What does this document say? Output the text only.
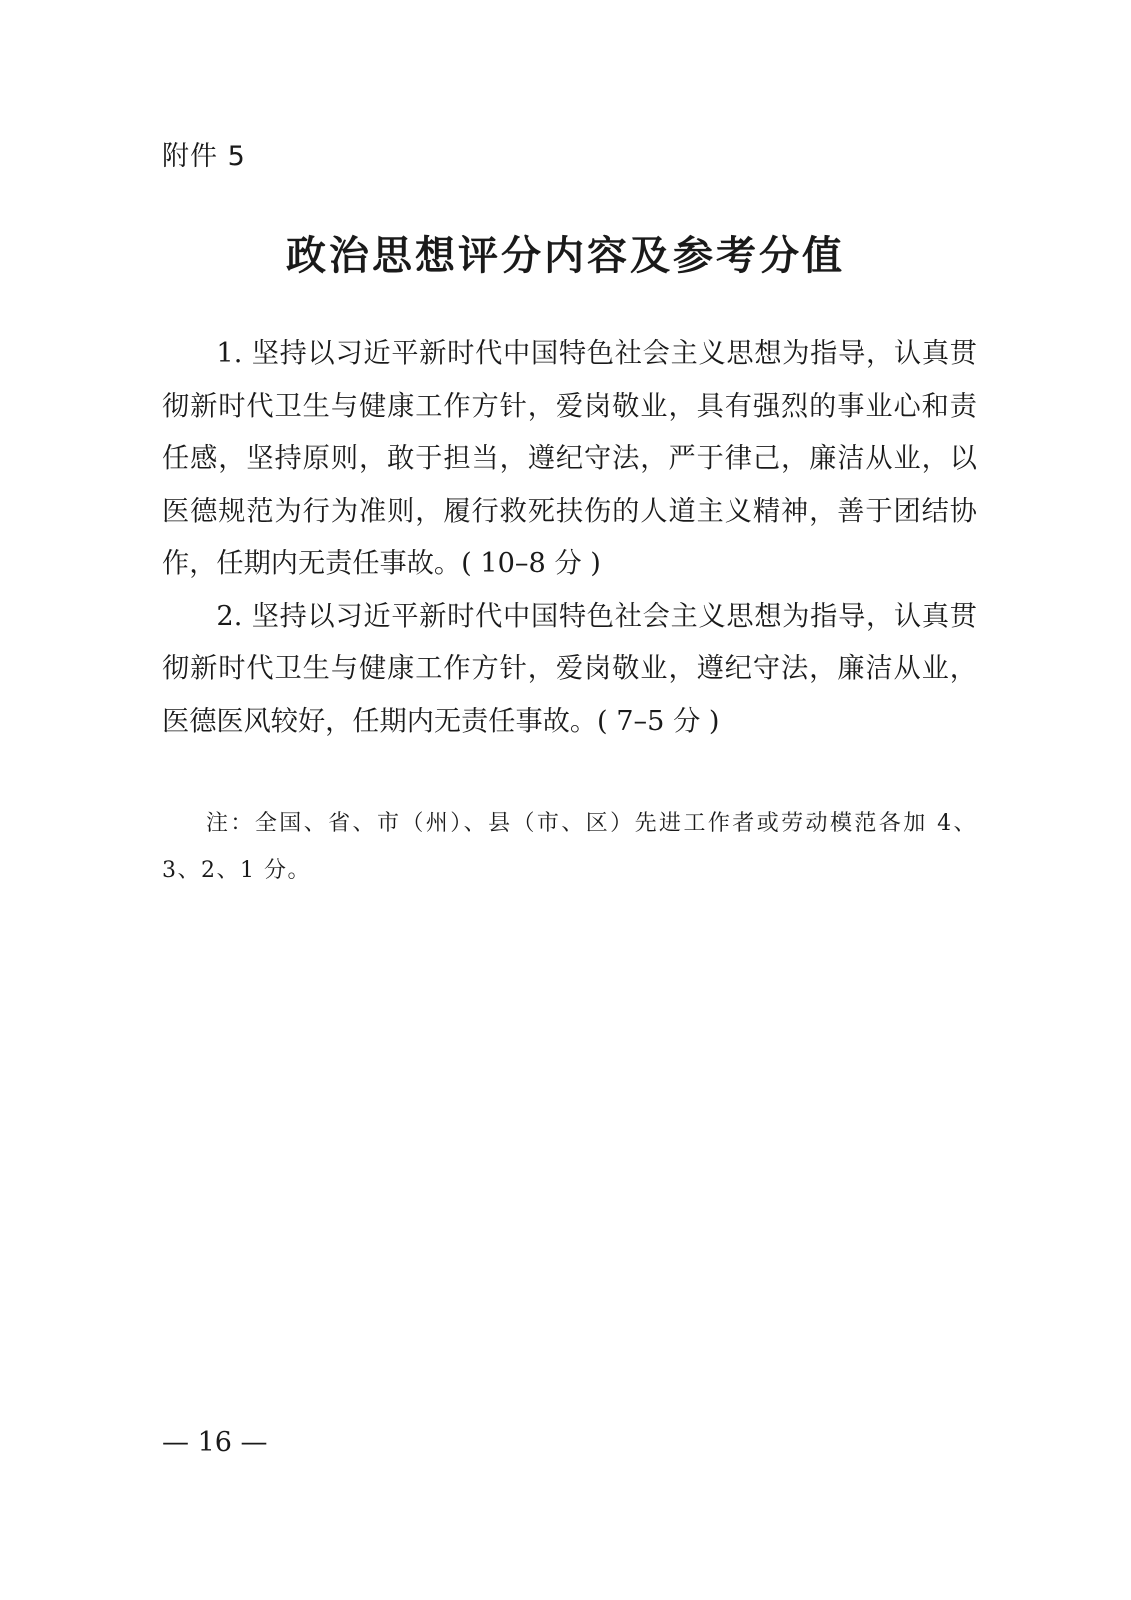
附件 5
政治思想评分内容及参考分值

1. 坚持以习近平新时代中国特色社会主义思想为指导，认真贯彻新时代卫生与健康工作方针，爱岗敬业，具有强烈的事业心和责任感，坚持原则，敢于担当，遵纪守法，严于律己，廉洁从业，以医德规范为行为准则，履行救死扶伤的人道主义精神，善于团结协作，任期内无责任事故。( 10–8 分 )

2. 坚持以习近平新时代中国特色社会主义思想为指导，认真贯彻新时代卫生与健康工作方针，爱岗敬业，遵纪守法，廉洁从业，医德医风较好，任期内无责任事故。( 7–5 分 )

注：全国、省、市（州）、县（市、区）先进工作者或劳动模范各加 4、3、2、1 分。

— 16 —
